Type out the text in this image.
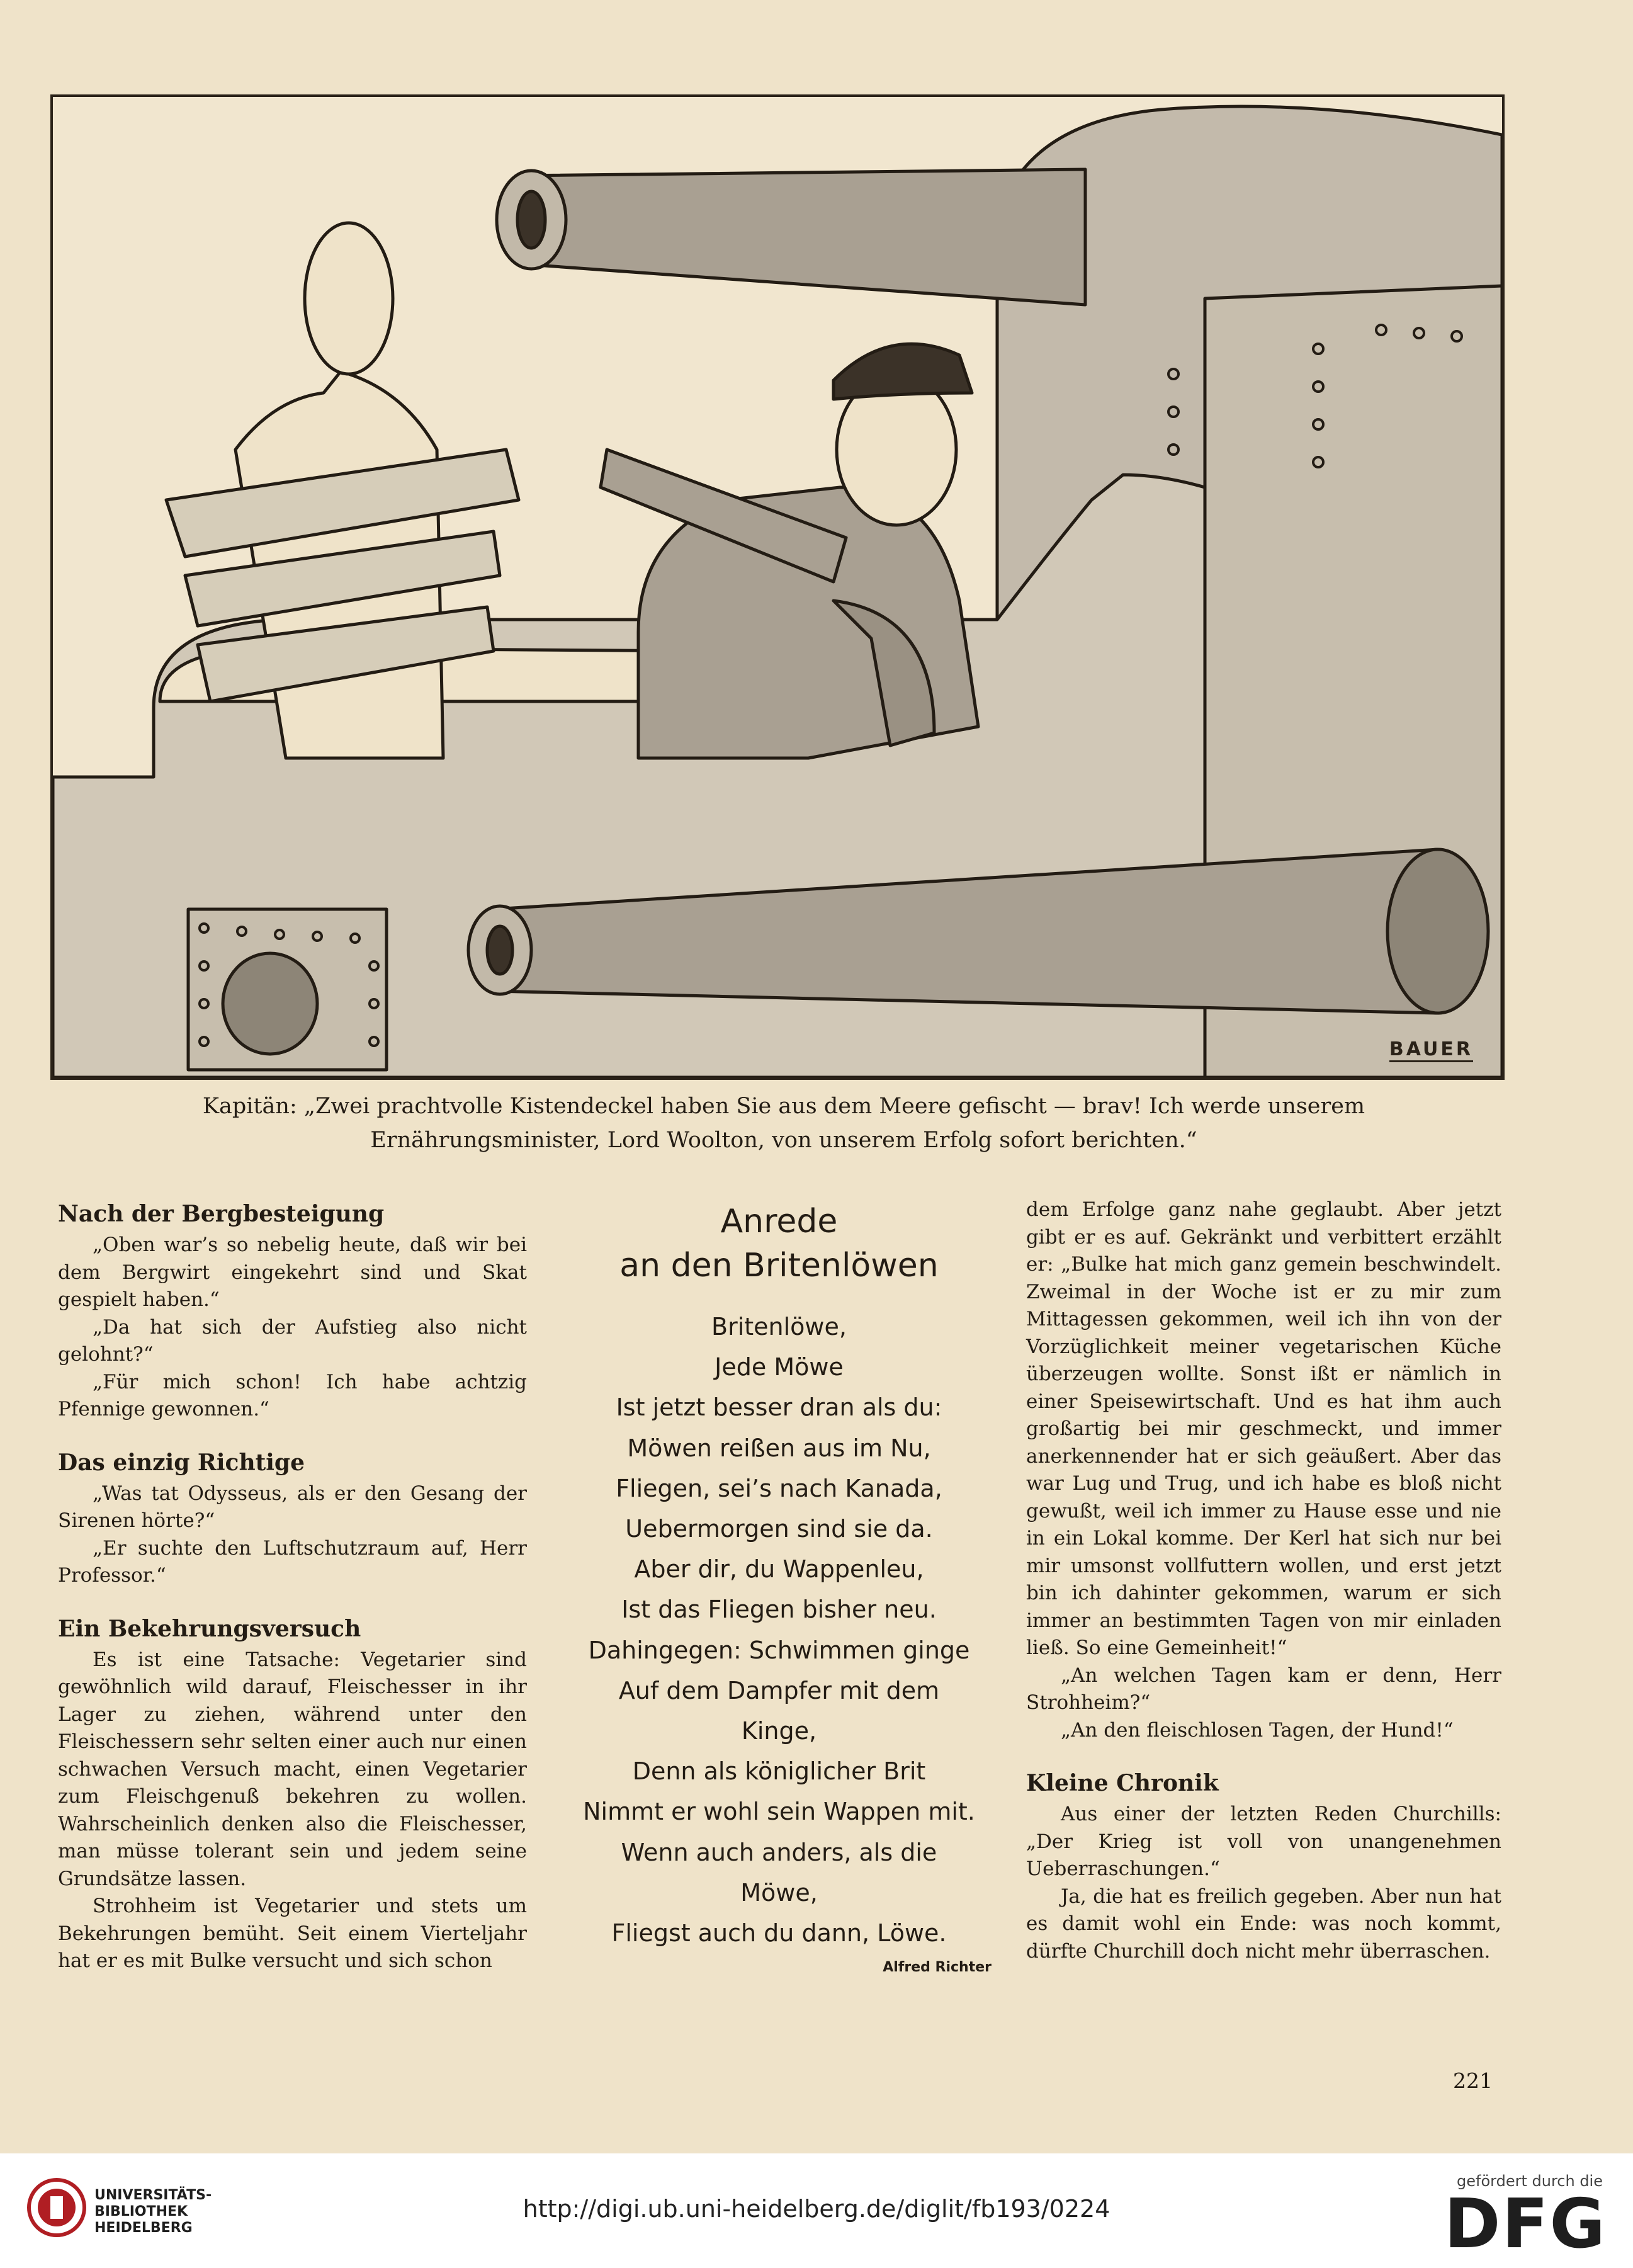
BAUER
Kapitän: „Zwei prachtvolle Kistendeckel haben Sie aus dem Meere gefischt — brav! Ich werde unserem
Ernährungsminister, Lord Woolton, von unserem Erfolg sofort berichten.“
Nach der Bergbesteigung

„Oben war’s so nebelig heute, daß wir bei dem Bergwirt eingekehrt sind und Skat gespielt haben.“

„Da hat sich der Aufstieg also nicht gelohnt?“

„Für mich schon! Ich habe achtzig Pfennige gewonnen.“

Das einzig Richtige

„Was tat Odysseus, als er den Gesang der Sirenen hörte?“

„Er suchte den Luftschutzraum auf, Herr Professor.“

Ein Bekehrungsversuch

Es ist eine Tatsache: Vegetarier sind gewöhnlich wild darauf, Fleischesser in ihr Lager zu ziehen, während unter den Fleischessern sehr selten einer auch nur einen schwachen Versuch macht, einen Vegetarier zum Fleischgenuß bekehren zu wollen. Wahrscheinlich denken also die Fleischesser, man müsse tolerant sein und jedem seine Grundsätze lassen.

Strohheim ist Vegetarier und stets um Bekehrungen bemüht. Seit einem Vierteljahr hat er es mit Bulke versucht und sich schon

Anrede
an den Britenlöwen
Britenlöwe,
Jede Möwe
Ist jetzt besser dran als du:
Möwen reißen aus im Nu,
Fliegen, sei’s nach Kanada,
Uebermorgen sind sie da.
Aber dir, du Wappenleu,
Ist das Fliegen bisher neu.
Dahingegen: Schwimmen ginge
Auf dem Dampfer mit dem
Kinge,
Denn als königlicher Brit
Nimmt er wohl sein Wappen mit.
Wenn auch anders, als die
Möwe,
Fliegst auch du dann, Löwe.
Alfred Richter

dem Erfolge ganz nahe geglaubt. Aber jetzt gibt er es auf. Gekränkt und verbittert erzählt er: „Bulke hat mich ganz gemein beschwindelt. Zweimal in der Woche ist er zu mir zum Mittagessen gekommen, weil ich ihn von der Vorzüglichkeit meiner vegetarischen Küche überzeugen wollte. Sonst ißt er nämlich in einer Speisewirtschaft. Und es hat ihm auch großartig bei mir geschmeckt, und immer anerkennender hat er sich geäußert. Aber das war Lug und Trug, und ich habe es bloß nicht gewußt, weil ich immer zu Hause esse und nie in ein Lokal komme. Der Kerl hat sich nur bei mir umsonst vollfuttern wollen, und erst jetzt bin ich dahinter gekommen, warum er sich immer an bestimmten Tagen von mir einladen ließ. So eine Gemeinheit!“

„An welchen Tagen kam er denn, Herr Strohheim?“

„An den fleischlosen Tagen, der Hund!“

Kleine Chronik

Aus einer der letzten Reden Churchills: „Der Krieg ist voll von unangenehmen Ueberraschungen.“

Ja, die hat es freilich gegeben. Aber nun hat es damit wohl ein Ende: was noch kommt, dürfte Churchill doch nicht mehr überraschen.

221
UNIVERSITÄTS-
BIBLIOTHEK
HEIDELBERG
http://digi.ub.uni-heidelberg.de/diglit/fb193/0224
gefördert durch die
DFG
